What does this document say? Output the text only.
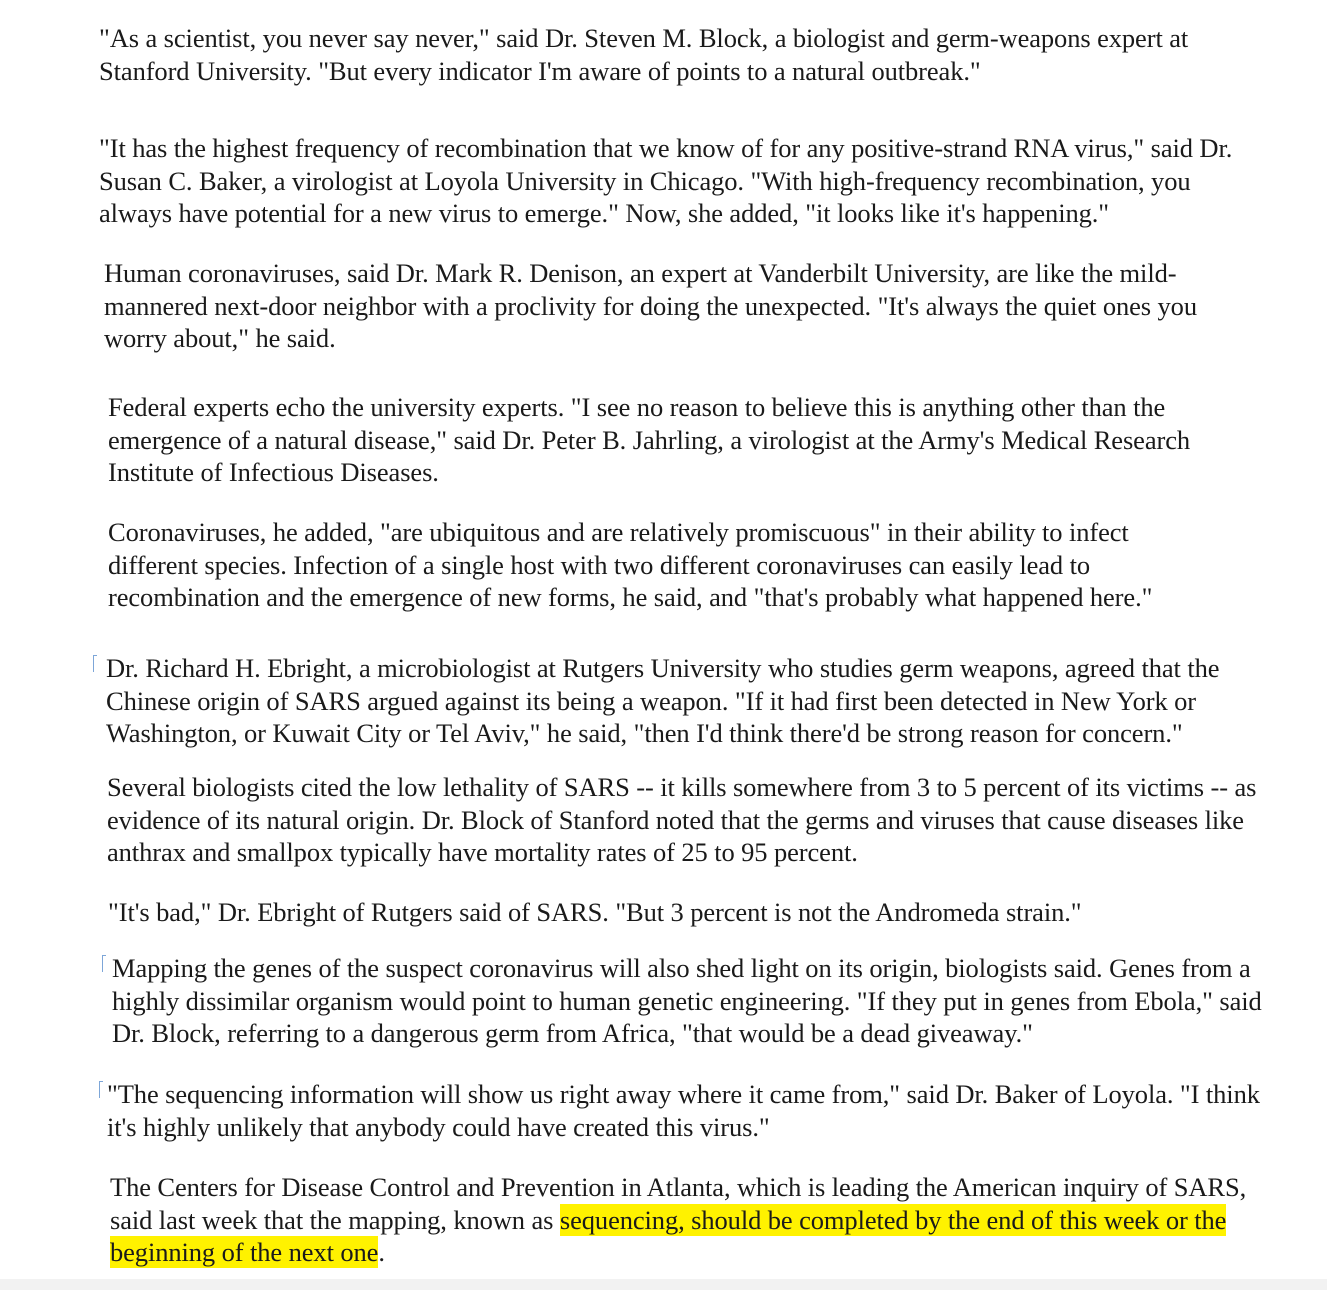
"As a scientist, you never say never," said Dr. Steven M. Block, a biologist and germ-weapons expert at Stanford University. "But every indicator I'm aware of points to a natural outbreak."

"It has the highest frequency of recombination that we know of for any positive-strand RNA virus," said Dr. Susan C. Baker, a virologist at Loyola University in Chicago. "With high-frequency recombination, you always have potential for a new virus to emerge." Now, she added, "it looks like it's happening."

Human coronaviruses, said Dr. Mark R. Denison, an expert at Vanderbilt University, are like the mild-mannered next-door neighbor with a proclivity for doing the unexpected. "It's always the quiet ones you worry about," he said.

Federal experts echo the university experts. "I see no reason to believe this is anything other than the emergence of a natural disease," said Dr. Peter B. Jahrling, a virologist at the Army's Medical Research Institute of Infectious Diseases.

Coronaviruses, he added, "are ubiquitous and are relatively promiscuous" in their ability to infect different species. Infection of a single host with two different coronaviruses can easily lead to recombination and the emergence of new forms, he said, and "that's probably what happened here."

Dr. Richard H. Ebright, a microbiologist at Rutgers University who studies germ weapons, agreed that the Chinese origin of SARS argued against its being a weapon. "If it had first been detected in New York or Washington, or Kuwait City or Tel Aviv," he said, "then I'd think there'd be strong reason for concern."

Several biologists cited the low lethality of SARS -- it kills somewhere from 3 to 5 percent of its victims -- as evidence of its natural origin. Dr. Block of Stanford noted that the germs and viruses that cause diseases like anthrax and smallpox typically have mortality rates of 25 to 95 percent.

"It's bad," Dr. Ebright of Rutgers said of SARS. "But 3 percent is not the Andromeda strain."

Mapping the genes of the suspect coronavirus will also shed light on its origin, biologists said. Genes from a highly dissimilar organism would point to human genetic engineering. "If they put in genes from Ebola," said Dr. Block, referring to a dangerous germ from Africa, "that would be a dead giveaway."

"The sequencing information will show us right away where it came from," said Dr. Baker of Loyola. "I think it's highly unlikely that anybody could have created this virus."

The Centers for Disease Control and Prevention in Atlanta, which is leading the American inquiry of SARS, said last week that the mapping, known as sequencing, should be completed by the end of this week or the beginning of the next one.
